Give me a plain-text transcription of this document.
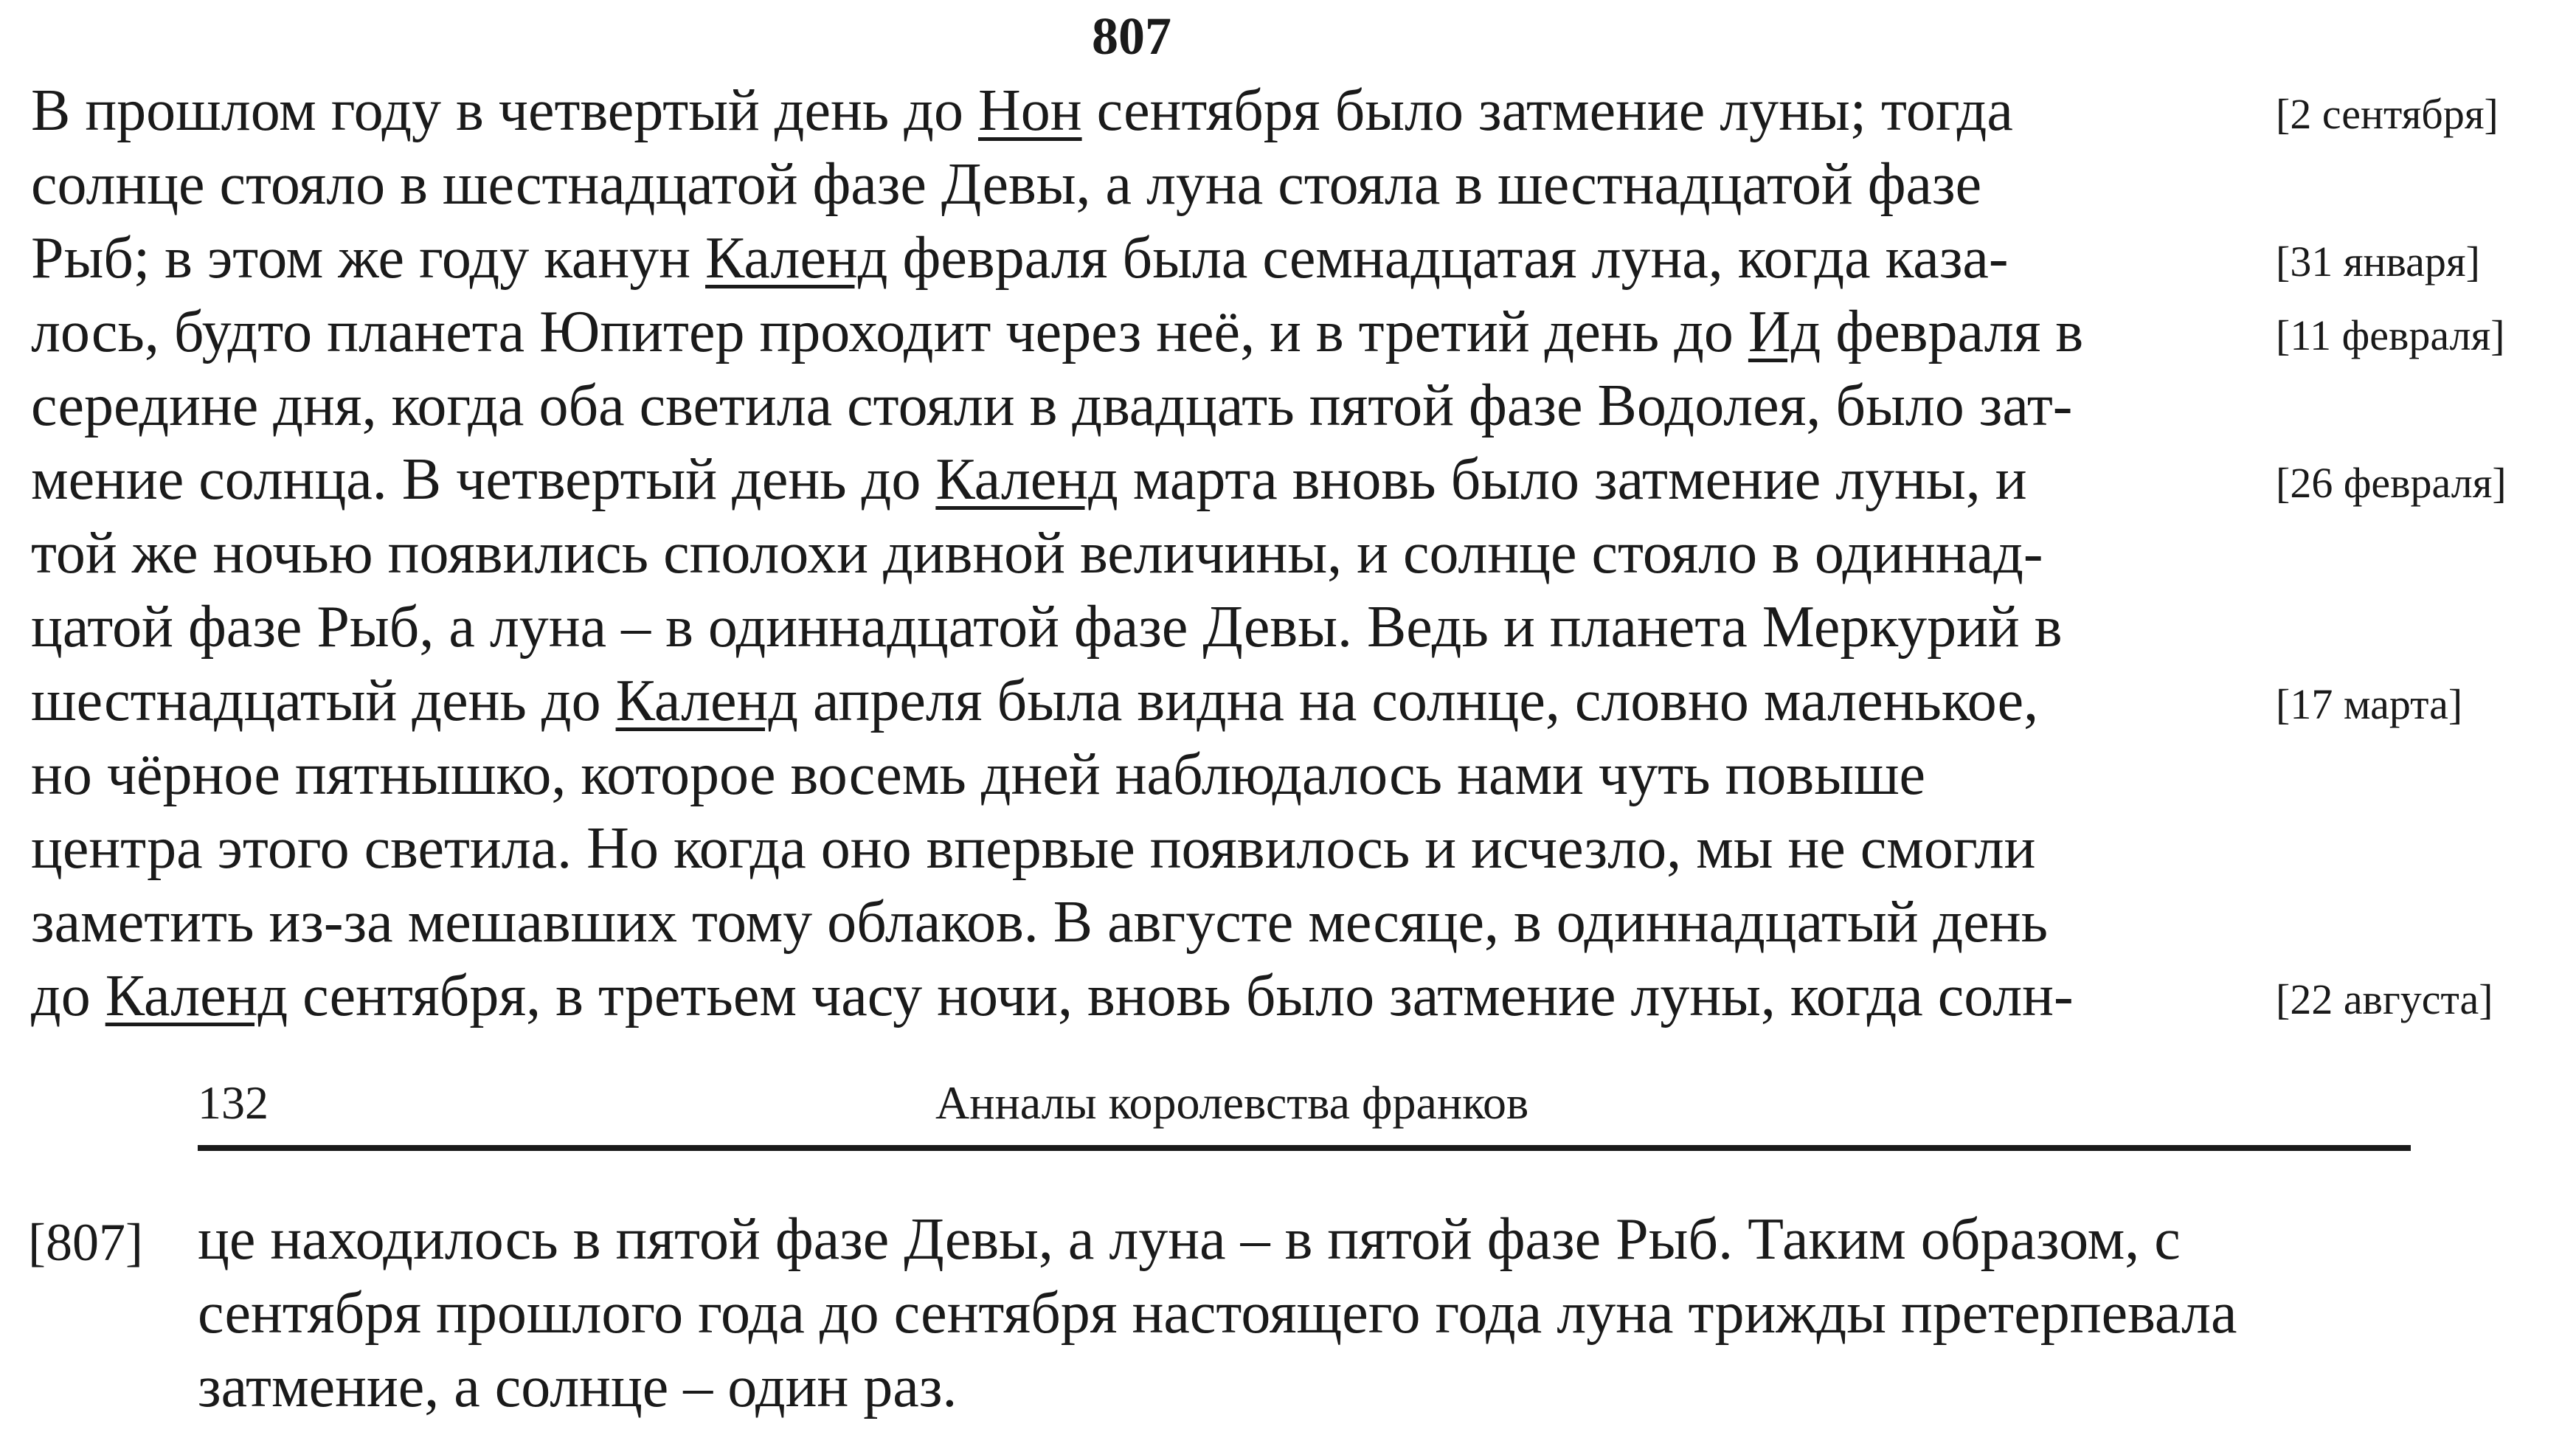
807
В прошлом году в четвертый день до Нон сентября было затмение луны; тогда
солнце стояло в шестнадцатой фазе Девы, а луна стояла в шестнадцатой фазе
Рыб; в этом же году канун Календ февраля была семнадцатая луна, когда каза-
лось, будто планета Юпитер проходит через неё, и в третий день до Ид февраля в
середине дня, когда оба светила стояли в двадцать пятой фазе Водолея, было зат-
мение солнца. В четвертый день до Календ марта вновь было затмение луны, и
той же ночью появились сполохи дивной величины, и солнце стояло в одиннад-
цатой фазе Рыб, а луна – в одиннадцатой фазе Девы. Ведь и планета Меркурий в
шестнадцатый день до Календ апреля была видна на солнце, словно маленькое,
но чёрное пятнышко, которое восемь дней наблюдалось нами чуть повыше
центра этого светила. Но когда оно впервые появилось и исчезло, мы не смогли
заметить из-за мешавших тому облаков. В августе месяце, в одиннадцатый день
до Календ сентября, в третьем часу ночи, вновь было затмение луны, когда солн-
[2 сентября]
[31 января]
[11 февраля]
[26 февраля]
[17 марта]
[22 августа]
132	Анналы королевства франков
[807] це находилось в пятой фазе Девы, а луна – в пятой фазе Рыб. Таким образом, с
сентября прошлого года до сентября настоящего года луна трижды претерпевала
затмение, а солнце – один раз.
